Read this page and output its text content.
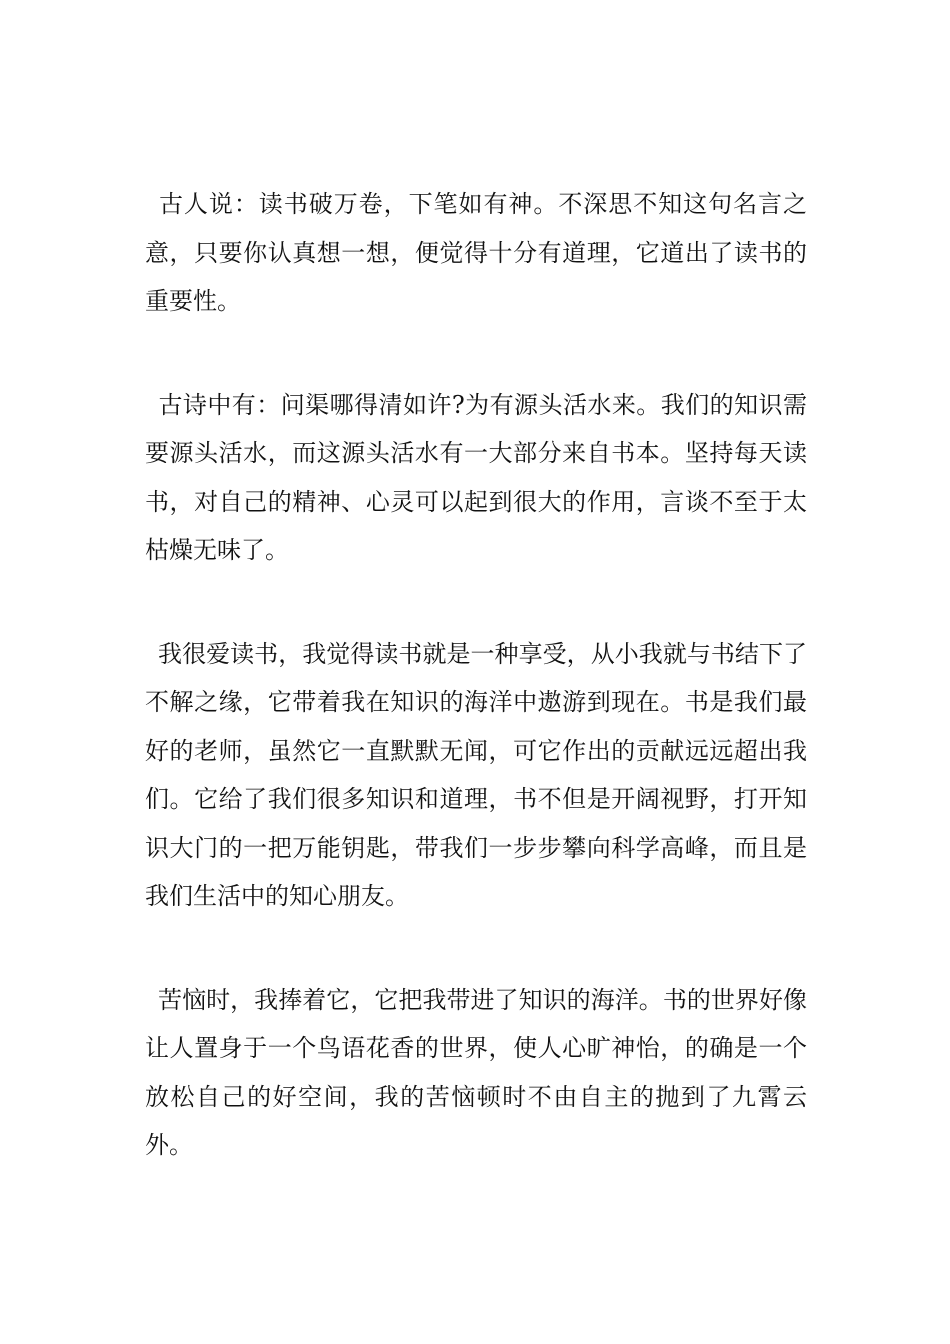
古人说：读书破万卷，下笔如有神。不深思不知这句名言之意，只要你认真想一想，便觉得十分有道理，它道出了读书的重要性。

古诗中有：问渠哪得清如许?为有源头活水来。我们的知识需要源头活水，而这源头活水有一大部分来自书本。坚持每天读书，对自己的精神、心灵可以起到很大的作用，言谈不至于太枯燥无味了。

我很爱读书，我觉得读书就是一种享受，从小我就与书结下了不解之缘，它带着我在知识的海洋中遨游到现在。书是我们最好的老师，虽然它一直默默无闻，可它作出的贡献远远超出我们。它给了我们很多知识和道理，书不但是开阔视野，打开知识大门的一把万能钥匙，带我们一步步攀向科学高峰，而且是我们生活中的知心朋友。

苦恼时，我捧着它，它把我带进了知识的海洋。书的世界好像让人置身于一个鸟语花香的世界，使人心旷神怡，的确是一个放松自己的好空间，我的苦恼顿时不由自主的抛到了九霄云外。
